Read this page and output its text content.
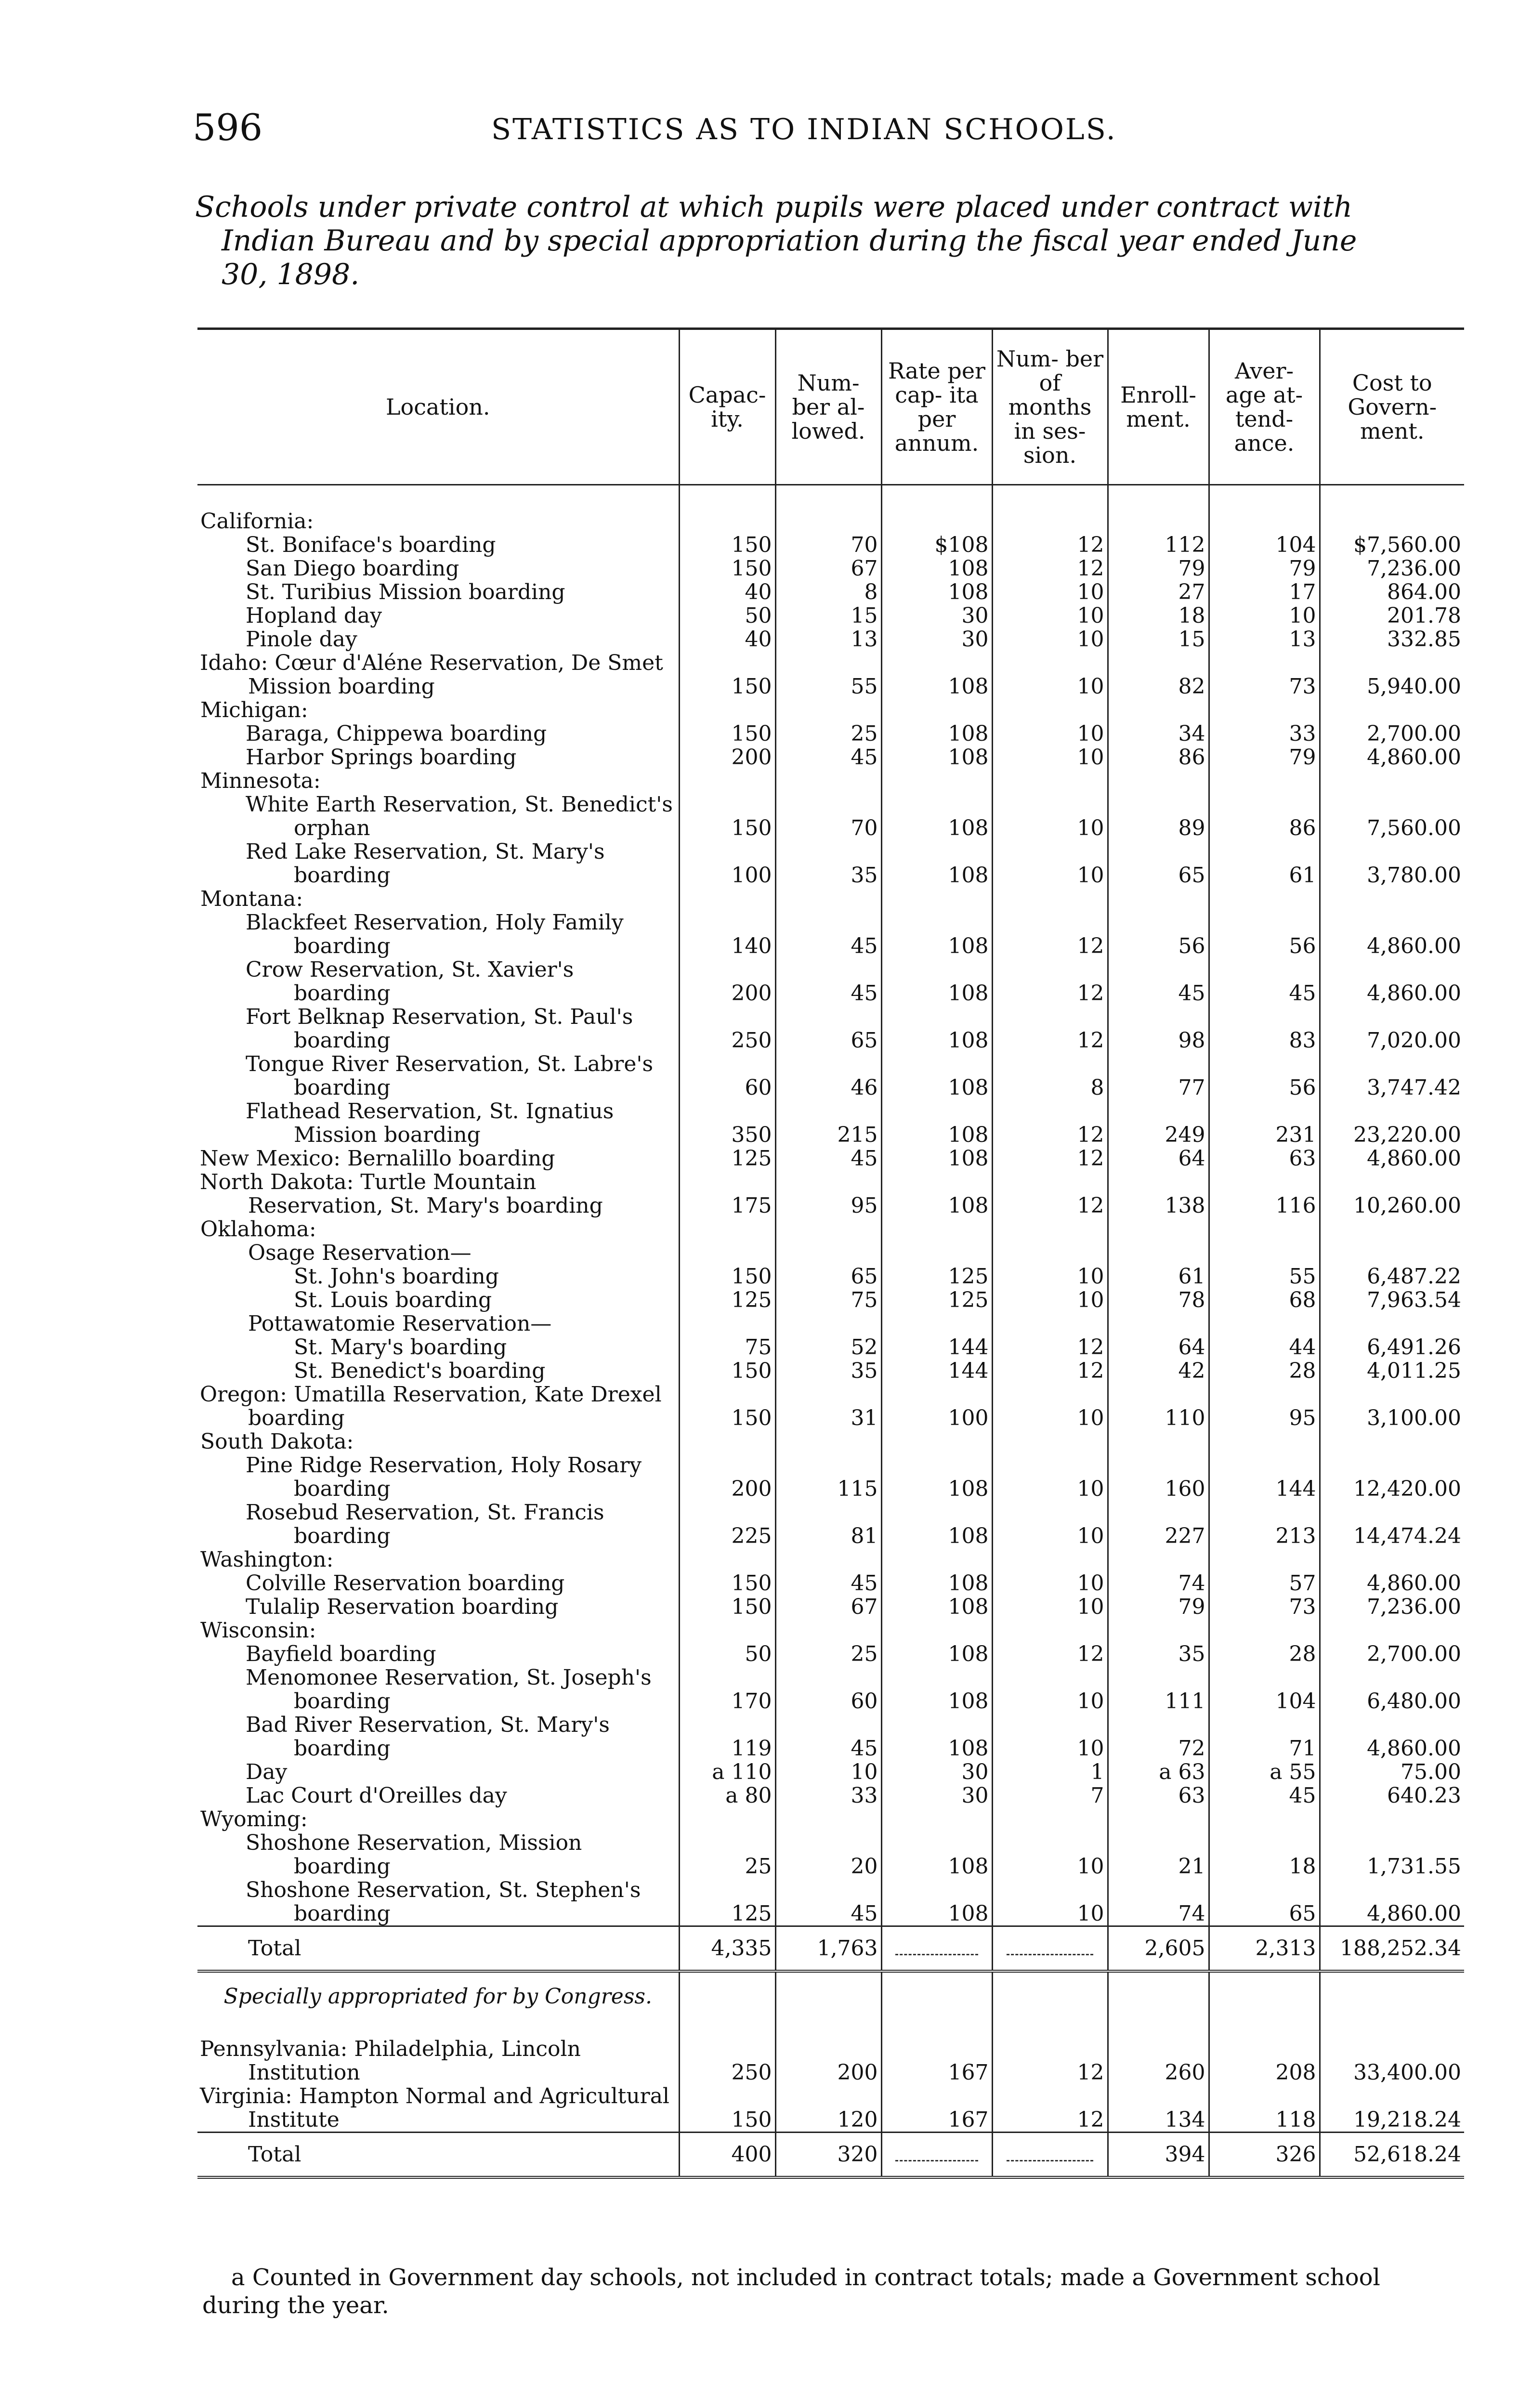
596	STATISTICS AS TO INDIAN SCHOOLS.
Schools under private control at which pupils were placed under contract with
Indian Bureau and by special appropriation during the fiscal year ended June
30, 1898.
Location.	Capac- ity.	Num- ber al- lowed.	Rate per cap- ita per annum.	Num- ber of months in ses- sion.	Enroll- ment.	Aver- age at- tend- ance.	Cost to Govern- ment.

California:							
St. Boniface's boarding	150	70	$108	12	112	104	$7,560.00
San Diego boarding	150	67	108	12	79	79	7,236.00
St. Turibius Mission boarding	40	8	108	10	27	17	864.00
Hopland day	50	15	30	10	18	10	201.78
Pinole day	40	13	30	10	15	13	332.85
Idaho: Cœur d'Aléne Reservation, De Smet Mission boarding	150	55	108	10	82	73	5,940.00
Michigan:							
Baraga, Chippewa boarding	150	25	108	10	34	33	2,700.00
Harbor Springs boarding	200	45	108	10	86	79	4,860.00
Minnesota:							
White Earth Reservation, St. Benedict's orphan	150	70	108	10	89	86	7,560.00
Red Lake Reservation, St. Mary's boarding	100	35	108	10	65	61	3,780.00
Montana:							
Blackfeet Reservation, Holy Family boarding	140	45	108	12	56	56	4,860.00
Crow Reservation, St. Xavier's boarding	200	45	108	12	45	45	4,860.00
Fort Belknap Reservation, St. Paul's boarding	250	65	108	12	98	83	7,020.00
Tongue River Reservation, St. Labre's boarding	60	46	108	8	77	56	3,747.42
Flathead Reservation, St. Ignatius Mission boarding	350	215	108	12	249	231	23,220.00
New Mexico: Bernalillo boarding	125	45	108	12	64	63	4,860.00
North Dakota: Turtle Mountain Reservation, St. Mary's boarding	175	95	108	12	138	116	10,260.00
Oklahoma:							
Osage Reservation—							
St. John's boarding	150	65	125	10	61	55	6,487.22
St. Louis boarding	125	75	125	10	78	68	7,963.54
Pottawatomie Reservation—							
St. Mary's boarding	75	52	144	12	64	44	6,491.26
St. Benedict's boarding	150	35	144	12	42	28	4,011.25
Oregon: Umatilla Reservation, Kate Drexel boarding	150	31	100	10	110	95	3,100.00
South Dakota:							
Pine Ridge Reservation, Holy Rosary boarding	200	115	108	10	160	144	12,420.00
Rosebud Reservation, St. Francis boarding	225	81	108	10	227	213	14,474.24
Washington:							
Colville Reservation boarding	150	45	108	10	74	57	4,860.00
Tulalip Reservation boarding	150	67	108	10	79	73	7,236.00
Wisconsin:							
Bayfield boarding	50	25	108	12	35	28	2,700.00
Menomonee Reservation, St. Joseph's boarding	170	60	108	10	111	104	6,480.00
Bad River Reservation, St. Mary's boarding	119	45	108	10	72	71	4,860.00
Day	a 110	10	30	1	a 63	a 55	75.00
Lac Court d'Oreilles day	a 80	33	30	7	63	45	640.23
Wyoming:							
Shoshone Reservation, Mission boarding	25	20	108	10	21	18	1,731.55
Shoshone Reservation, St. Stephen's boarding	125	45	108	10	74	65	4,860.00
Total	4,335	1,763			2,605	2,313	188,252.34
Specially appropriated for by Congress.							
Pennsylvania: Philadelphia, Lincoln Institution	250	200	167	12	260	208	33,400.00
Virginia: Hampton Normal and Agricultural Institute	150	120	167	12	134	118	19,218.24
Total	400	320			394	326	52,618.24
a Counted in Government day schools, not included in contract totals; made a Government school during the year.
